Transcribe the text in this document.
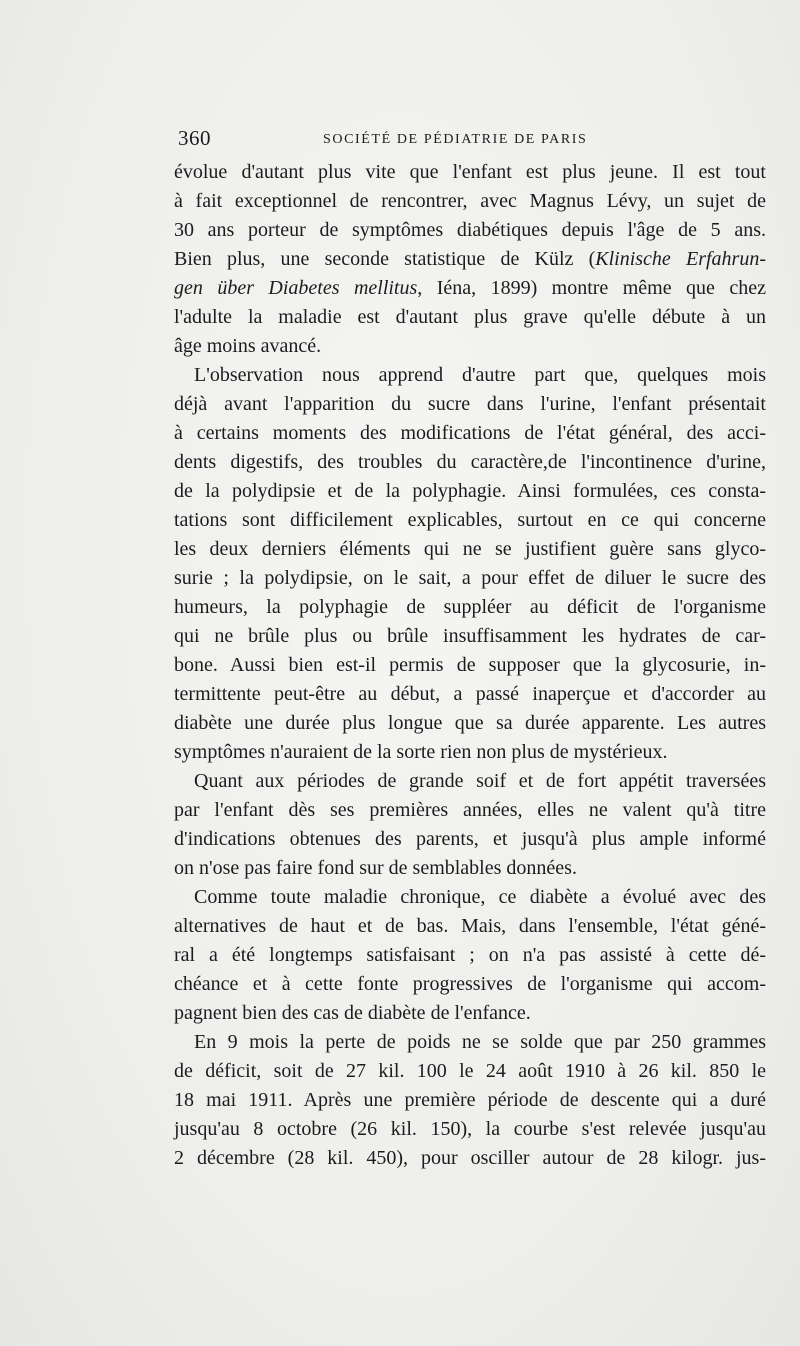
360	SOCIÉTÉ DE PÉDIATRIE DE PARIS
évolue d'autant plus vite que l'enfant est plus jeune. Il est tout
à fait exceptionnel de rencontrer, avec Magnus Lévy, un sujet de
30 ans porteur de symptômes diabétiques depuis l'âge de 5 ans.
Bien plus, une seconde statistique de Külz (Klinische Erfahrun-
gen über Diabetes mellitus, Iéna, 1899) montre même que chez
l'adulte la maladie est d'autant plus grave qu'elle débute à un
âge moins avancé.
L'observation nous apprend d'autre part que, quelques mois
déjà avant l'apparition du sucre dans l'urine, l'enfant présentait
à certains moments des modifications de l'état général, des acci-
dents digestifs, des troubles du caractère,de l'incontinence d'urine,
de la polydipsie et de la polyphagie. Ainsi formulées, ces consta-
tations sont difficilement explicables, surtout en ce qui concerne
les deux derniers éléments qui ne se justifient guère sans glyco-
surie ; la polydipsie, on le sait, a pour effet de diluer le sucre des
humeurs, la polyphagie de suppléer au déficit de l'organisme
qui ne brûle plus ou brûle insuffisamment les hydrates de car-
bone. Aussi bien est-il permis de supposer que la glycosurie, in-
termittente peut-être au début, a passé inaperçue et d'accorder au
diabète une durée plus longue que sa durée apparente. Les autres
symptômes n'auraient de la sorte rien non plus de mystérieux.
Quant aux périodes de grande soif et de fort appétit traversées
par l'enfant dès ses premières années, elles ne valent qu'à titre
d'indications obtenues des parents, et jusqu'à plus ample informé
on n'ose pas faire fond sur de semblables données.
Comme toute maladie chronique, ce diabète a évolué avec des
alternatives de haut et de bas. Mais, dans l'ensemble, l'état géné-
ral a été longtemps satisfaisant ; on n'a pas assisté à cette dé-
chéance et à cette fonte progressives de l'organisme qui accom-
pagnent bien des cas de diabète de l'enfance.
En 9 mois la perte de poids ne se solde que par 250 grammes
de déficit, soit de 27 kil. 100 le 24 août 1910 à 26 kil. 850 le
18 mai 1911. Après une première période de descente qui a duré
jusqu'au 8 octobre (26 kil. 150), la courbe s'est relevée jusqu'au
2 décembre (28 kil. 450), pour osciller autour de 28 kilogr. jus-
